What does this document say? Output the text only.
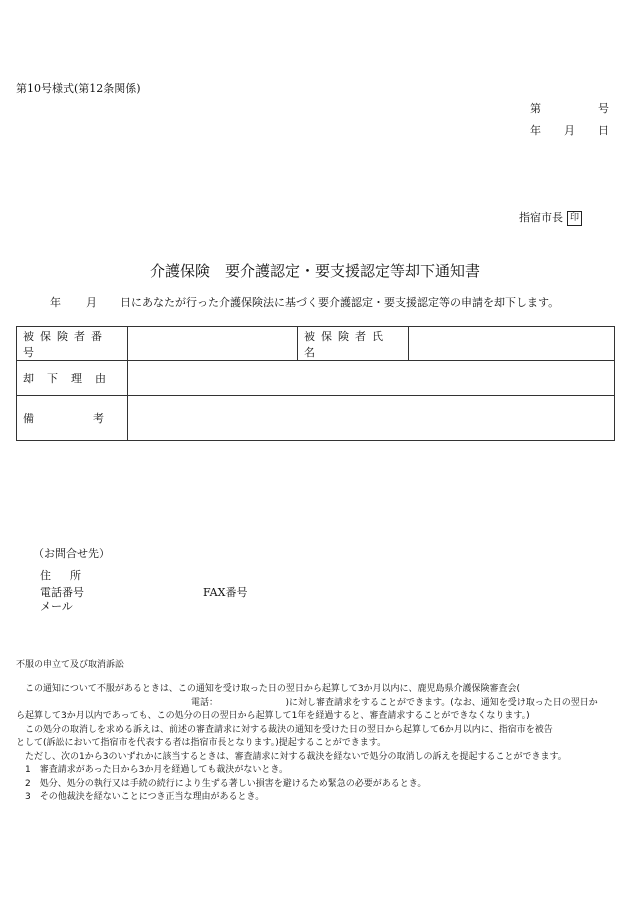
第10号様式(第12条関係)
第	号
年 月 日
指宿市長 印
介護保険　要介護認定・要支援認定等却下通知書
年 月 日にあなたが行った介護保険法に基づく要介護認定・要支援認定等の申請を却下します。
被保険者番号		被保険者氏名	
却 下 理 由			
備 考			
（お問合せ先）
住 所
電話番号	FAX番号
メール
不服の申立て及び取消訴訟

この通知について不服があるときは、この通知を受け取った日の翌日から起算して3か月以内に、鹿児島県介護保険審査会(

電話：　　　　　　　　)に対し審査請求をすることができます。(なお、通知を受け取った日の翌日か

ら起算して3か月以内であっても、この処分の日の翌日から起算して1年を経過すると、審査請求することができなくなります。)

この処分の取消しを求める訴えは、前述の審査請求に対する裁決の通知を受けた日の翌日から起算して6か月以内に、指宿市を被告

として(訴訟において指宿市を代表する者は指宿市長となります。)提起することができます。

ただし、次の1から3のいずれかに該当するときは、審査請求に対する裁決を経ないで処分の取消しの訴えを提起することができます。

1　審査請求があった日から3か月を経過しても裁決がないとき。

2　処分、処分の執行又は手続の続行により生ずる著しい損害を避けるため緊急の必要があるとき。

3　その他裁決を経ないことにつき正当な理由があるとき。
